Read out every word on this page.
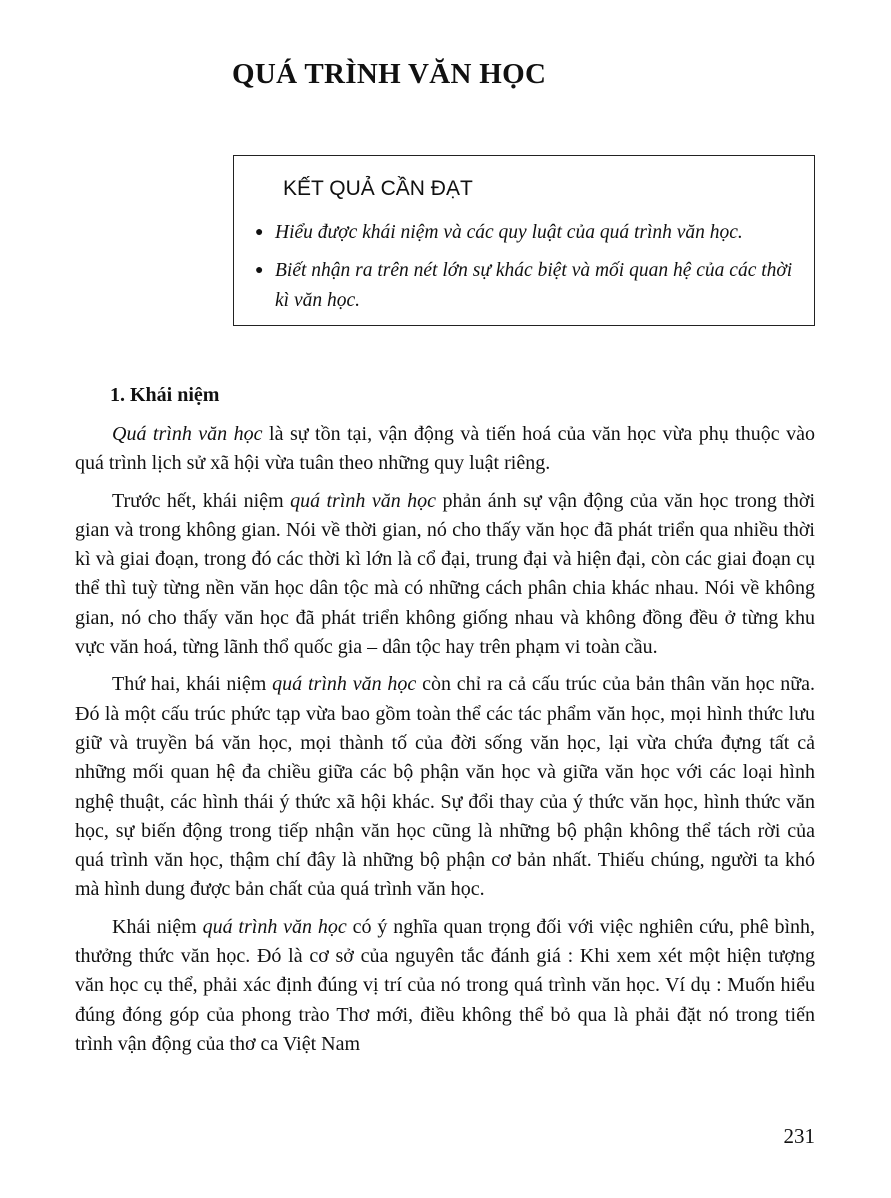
QUÁ TRÌNH VĂN HỌC
KẾT QUẢ CẦN ĐẠT
● Hiểu được khái niệm và các quy luật của quá trình văn học.
● Biết nhận ra trên nét lớn sự khác biệt và mối quan hệ của các thời kì văn học.
1. Khái niệm

Quá trình văn học là sự tồn tại, vận động và tiến hoá của văn học vừa phụ thuộc vào quá trình lịch sử xã hội vừa tuân theo những quy luật riêng.

Trước hết, khái niệm quá trình văn học phản ánh sự vận động của văn học trong thời gian và trong không gian. Nói về thời gian, nó cho thấy văn học đã phát triển qua nhiều thời kì và giai đoạn, trong đó các thời kì lớn là cổ đại, trung đại và hiện đại, còn các giai đoạn cụ thể thì tuỳ từng nền văn học dân tộc mà có những cách phân chia khác nhau. Nói về không gian, nó cho thấy văn học đã phát triển không giống nhau và không đồng đều ở từng khu vực văn hoá, từng lãnh thổ quốc gia – dân tộc hay trên phạm vi toàn cầu.

Thứ hai, khái niệm quá trình văn học còn chỉ ra cả cấu trúc của bản thân văn học nữa. Đó là một cấu trúc phức tạp vừa bao gồm toàn thể các tác phẩm văn học, mọi hình thức lưu giữ và truyền bá văn học, mọi thành tố của đời sống văn học, lại vừa chứa đựng tất cả những mối quan hệ đa chiều giữa các bộ phận văn học và giữa văn học với các loại hình nghệ thuật, các hình thái ý thức xã hội khác. Sự đổi thay của ý thức văn học, hình thức văn học, sự biến động trong tiếp nhận văn học cũng là những bộ phận không thể tách rời của quá trình văn học, thậm chí đây là những bộ phận cơ bản nhất. Thiếu chúng, người ta khó mà hình dung được bản chất của quá trình văn học.

Khái niệm quá trình văn học có ý nghĩa quan trọng đối với việc nghiên cứu, phê bình, thưởng thức văn học. Đó là cơ sở của nguyên tắc đánh giá : Khi xem xét một hiện tượng văn học cụ thể, phải xác định đúng vị trí của nó trong quá trình văn học. Ví dụ : Muốn hiểu đúng đóng góp của phong trào Thơ mới, điều không thể bỏ qua là phải đặt nó trong tiến trình vận động của thơ ca Việt Nam

231
